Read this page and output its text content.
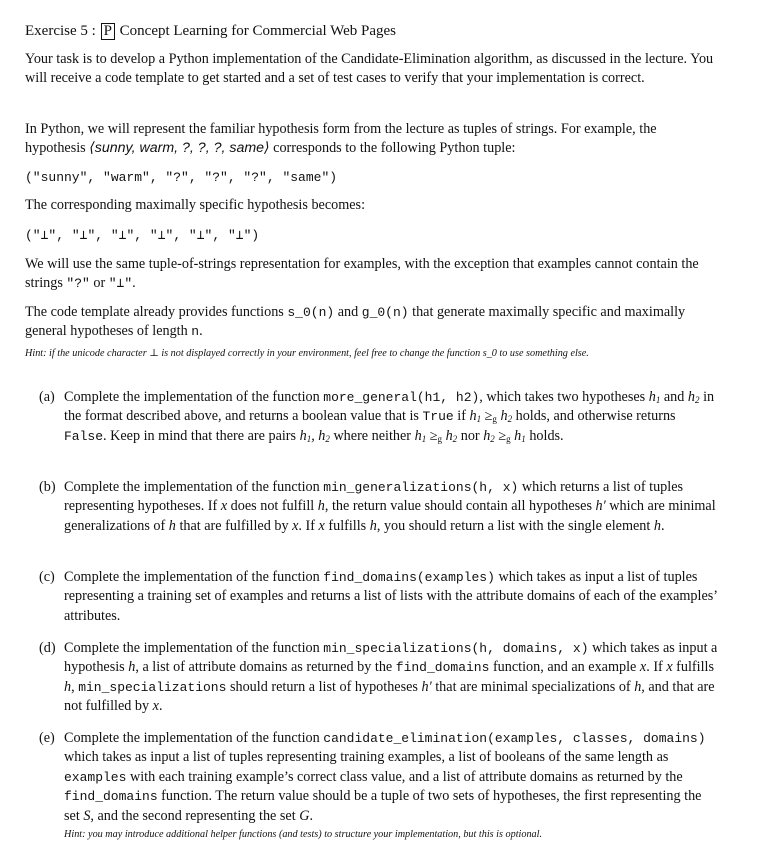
Exercise 5 : P Concept Learning for Commercial Web Pages
Your task is to develop a Python implementation of the Candidate-Elimination algorithm, as discussed in the lecture. You will receive a code template to get started and a set of test cases to verify that your implementation is correct.
In Python, we will represent the familiar hypothesis form from the lecture as tuples of strings. For example, the hypothesis ⟨sunny, warm, ?, ?, ?, same⟩ corresponds to the following Python tuple:
("sunny", "warm", "?", "?", "?", "same")
The corresponding maximally specific hypothesis becomes:
("⊥", "⊥", "⊥", "⊥", "⊥", "⊥")
We will use the same tuple-of-strings representation for examples, with the exception that examples cannot contain the strings "?" or "⊥".
The code template already provides functions s_0(n) and g_0(n) that generate maximally specific and maximally general hypotheses of length n.
Hint: if the unicode character ⊥ is not displayed correctly in your environment, feel free to change the function s_0 to use something else.
(a) Complete the implementation of the function more_general(h1, h2), which takes two hypotheses $h_1$ and $h_2$ in the format described above, and returns a boolean value that is True if $h_1 \ge_g$ $h_2$ holds, and otherwise returns False. Keep in mind that there are pairs $h_1$, $h_2$ where neither $h_1 \ge_g$ $h_2$ nor $h_2 \ge_g$ $h_1$ holds.
(b) Complete the implementation of the function min_generalizations(h, x) which returns a list of tuples representing hypotheses. If x does not fulfill h, the return value should contain all hypotheses h′ which are minimal generalizations of h that are fulfilled by x. If x fulfills h, you should return a list with the single element h.
(c) Complete the implementation of the function find_domains(examples) which takes as input a list of tuples representing a training set of examples and returns a list of lists with the attribute domains of each of the examples’ attributes.
(d) Complete the implementation of the function min_specializations(h, domains, x) which takes as input a hypothesis h, a list of attribute domains as returned by the find_domains function, and an example x. If x fulfills h, min_specializations should return a list of hypotheses h′ that are minimal specializations of h, and that are not fulfilled by x.
(e) Complete the implementation of the function candidate_elimination(examples, classes, domains) which takes as input a list of tuples representing training examples, a list of booleans of the same length as examples with each training example’s correct class value, and a list of attribute domains as returned by the find_domains function. The return value should be a tuple of two sets of hypotheses, the first representing the set S, and the second representing the set G.
Hint: you may introduce additional helper functions (and tests) to structure your implementation, but this is optional.
